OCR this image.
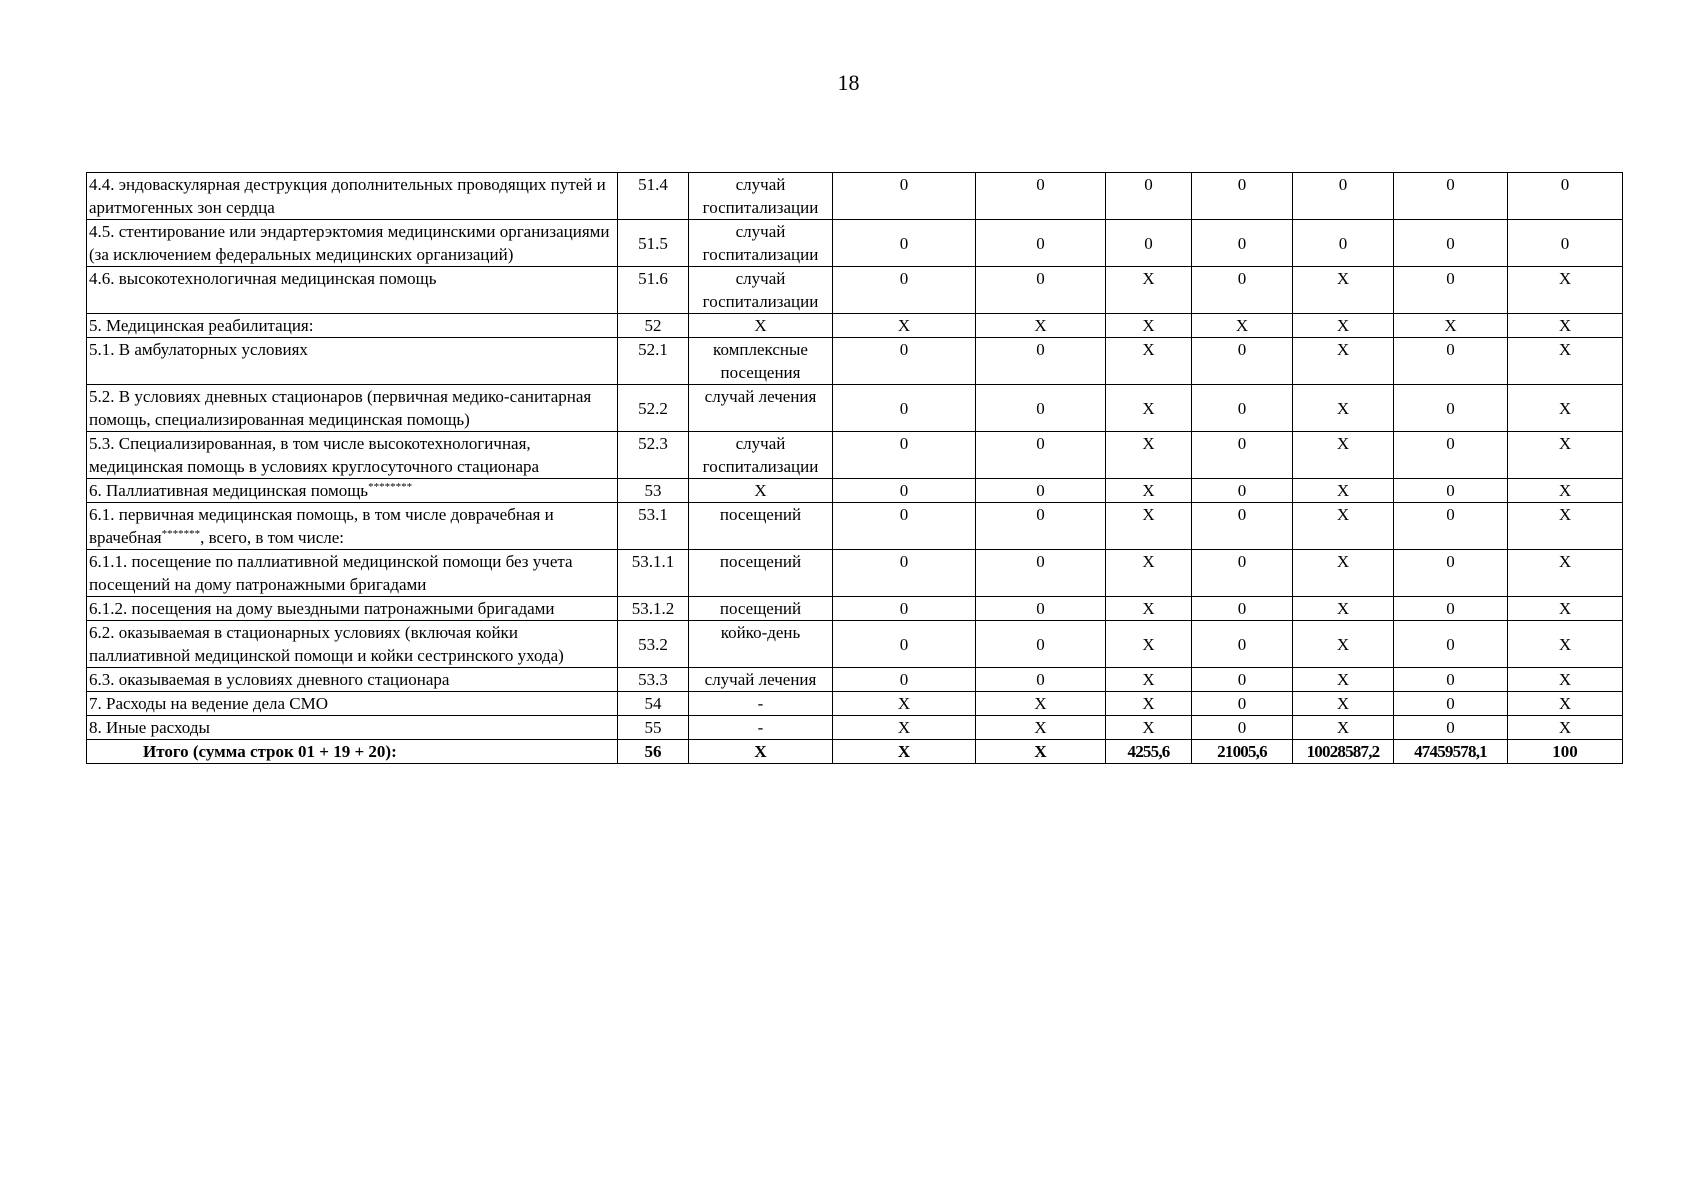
18
4.4. эндоваскулярная деструкция дополнительных проводящих путей и аритмогенных зон сердца	51.4	случай госпитализации	0	0	0	0	0	0	0
4.5. стентирование или эндартерэктомия медицинскими организациями (за исключением федеральных медицинских организаций)	51.5	случай госпитализации	0	0	0	0	0	0	0
4.6. высокотехнологичная медицинская помощь	51.6	случай госпитализации	0	0	X	0	X	0	X
5. Медицинская реабилитация:	52	X	X	X	X	X	X	X	X
5.1. В амбулаторных условиях	52.1	комплексные посещения	0	0	X	0	X	0	X
5.2. В условиях дневных стационаров (первичная медико-санитарная помощь, специализированная медицинская помощь)	52.2	случай лечения	0	0	X	0	X	0	X
5.3. Специализированная, в том числе высокотехнологичная, медицинская помощь в условиях круглосуточного стационара	52.3	случай госпитализации	0	0	X	0	X	0	X
6. Паллиативная медицинская помощь********	53	X	0	0	X	0	X	0	X
6.1. первичная медицинская помощь, в том числе доврачебная и врачебная*******, всего, в том числе:	53.1	посещений	0	0	X	0	X	0	X
6.1.1. посещение по паллиативной медицинской помощи без учета посещений на дому патронажными бригадами	53.1.1	посещений	0	0	X	0	X	0	X
6.1.2. посещения на дому выездными патронажными бригадами	53.1.2	посещений	0	0	X	0	X	0	X
6.2. оказываемая в стационарных условиях (включая койки паллиативной медицинской помощи и койки сестринского ухода)	53.2	койко-день	0	0	X	0	X	0	X
6.3. оказываемая в условиях дневного стационара	53.3	случай лечения	0	0	X	0	X	0	X
7. Расходы на ведение дела СМО	54	-	X	X	X	0	X	0	X
8. Иные расходы	55	-	X	X	X	0	X	0	X
Итого (сумма строк 01 + 19 + 20):	56	X	X	X	4255,6	21005,6	10028587,2	47459578,1	100
